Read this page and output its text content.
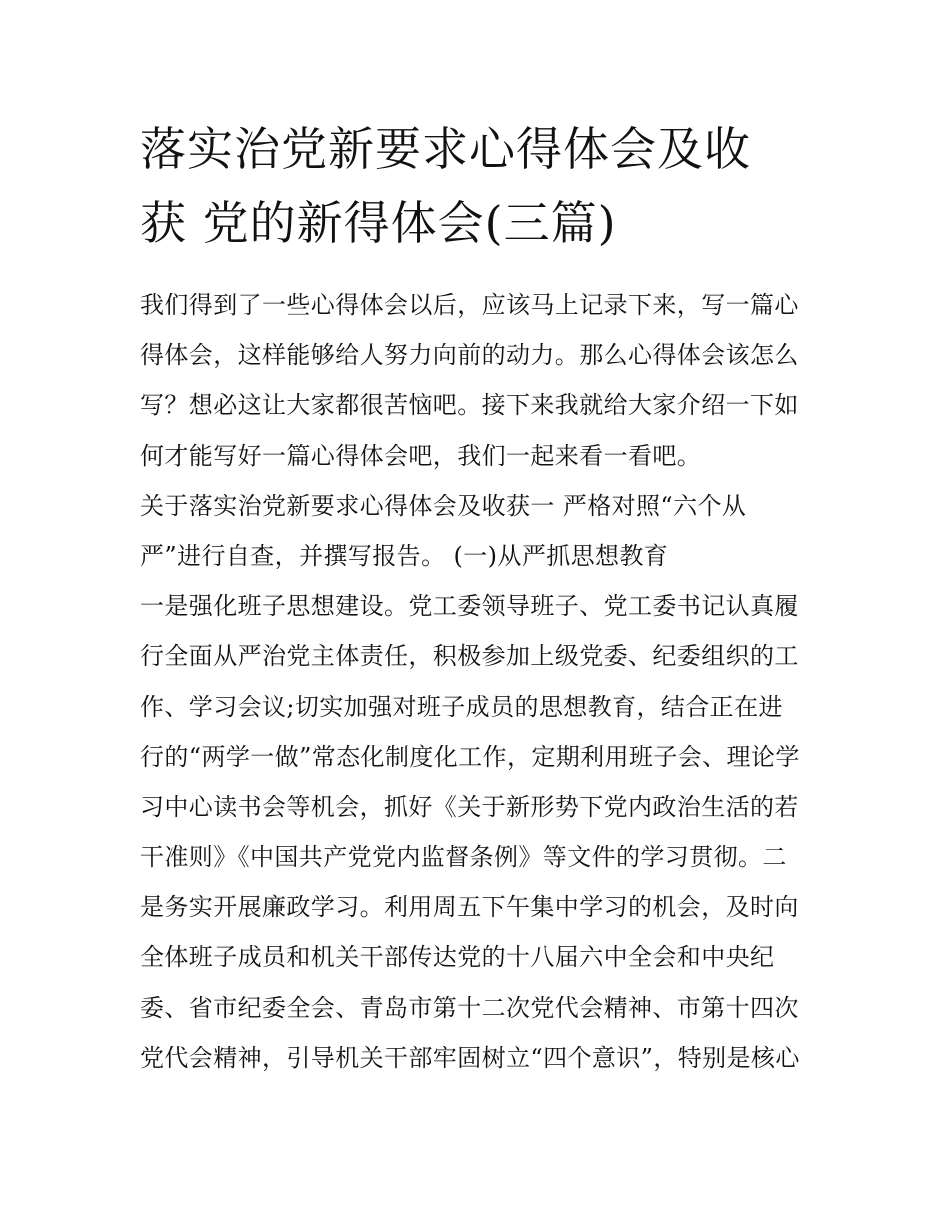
落实治党新要求心得体会及收
获 党的新得体会(三篇)
我们得到了一些心得体会以后，应该马上记录下来，写一篇心
得体会，这样能够给人努力向前的动力。那么心得体会该怎么
写？想必这让大家都很苦恼吧。接下来我就给大家介绍一下如
何才能写好一篇心得体会吧，我们一起来看一看吧。
关于落实治党新要求心得体会及收获一 严格对照“六个从
严”进行自查，并撰写报告。 (一)从严抓思想教育
一是强化班子思想建设。党工委领导班子、党工委书记认真履
行全面从严治党主体责任，积极参加上级党委、纪委组织的工
作、学习会议;切实加强对班子成员的思想教育，结合正在进
行的“两学一做”常态化制度化工作，定期利用班子会、理论学
习中心读书会等机会，抓好《关于新形势下党内政治生活的若
干准则》《中国共产党党内监督条例》等文件的学习贯彻。二
是务实开展廉政学习。利用周五下午集中学习的机会，及时向
全体班子成员和机关干部传达党的十八届六中全会和中央纪
委、省市纪委全会、青岛市第十二次党代会精神、市第十四次
党代会精神，引导机关干部牢固树立“四个意识”，特别是核心
